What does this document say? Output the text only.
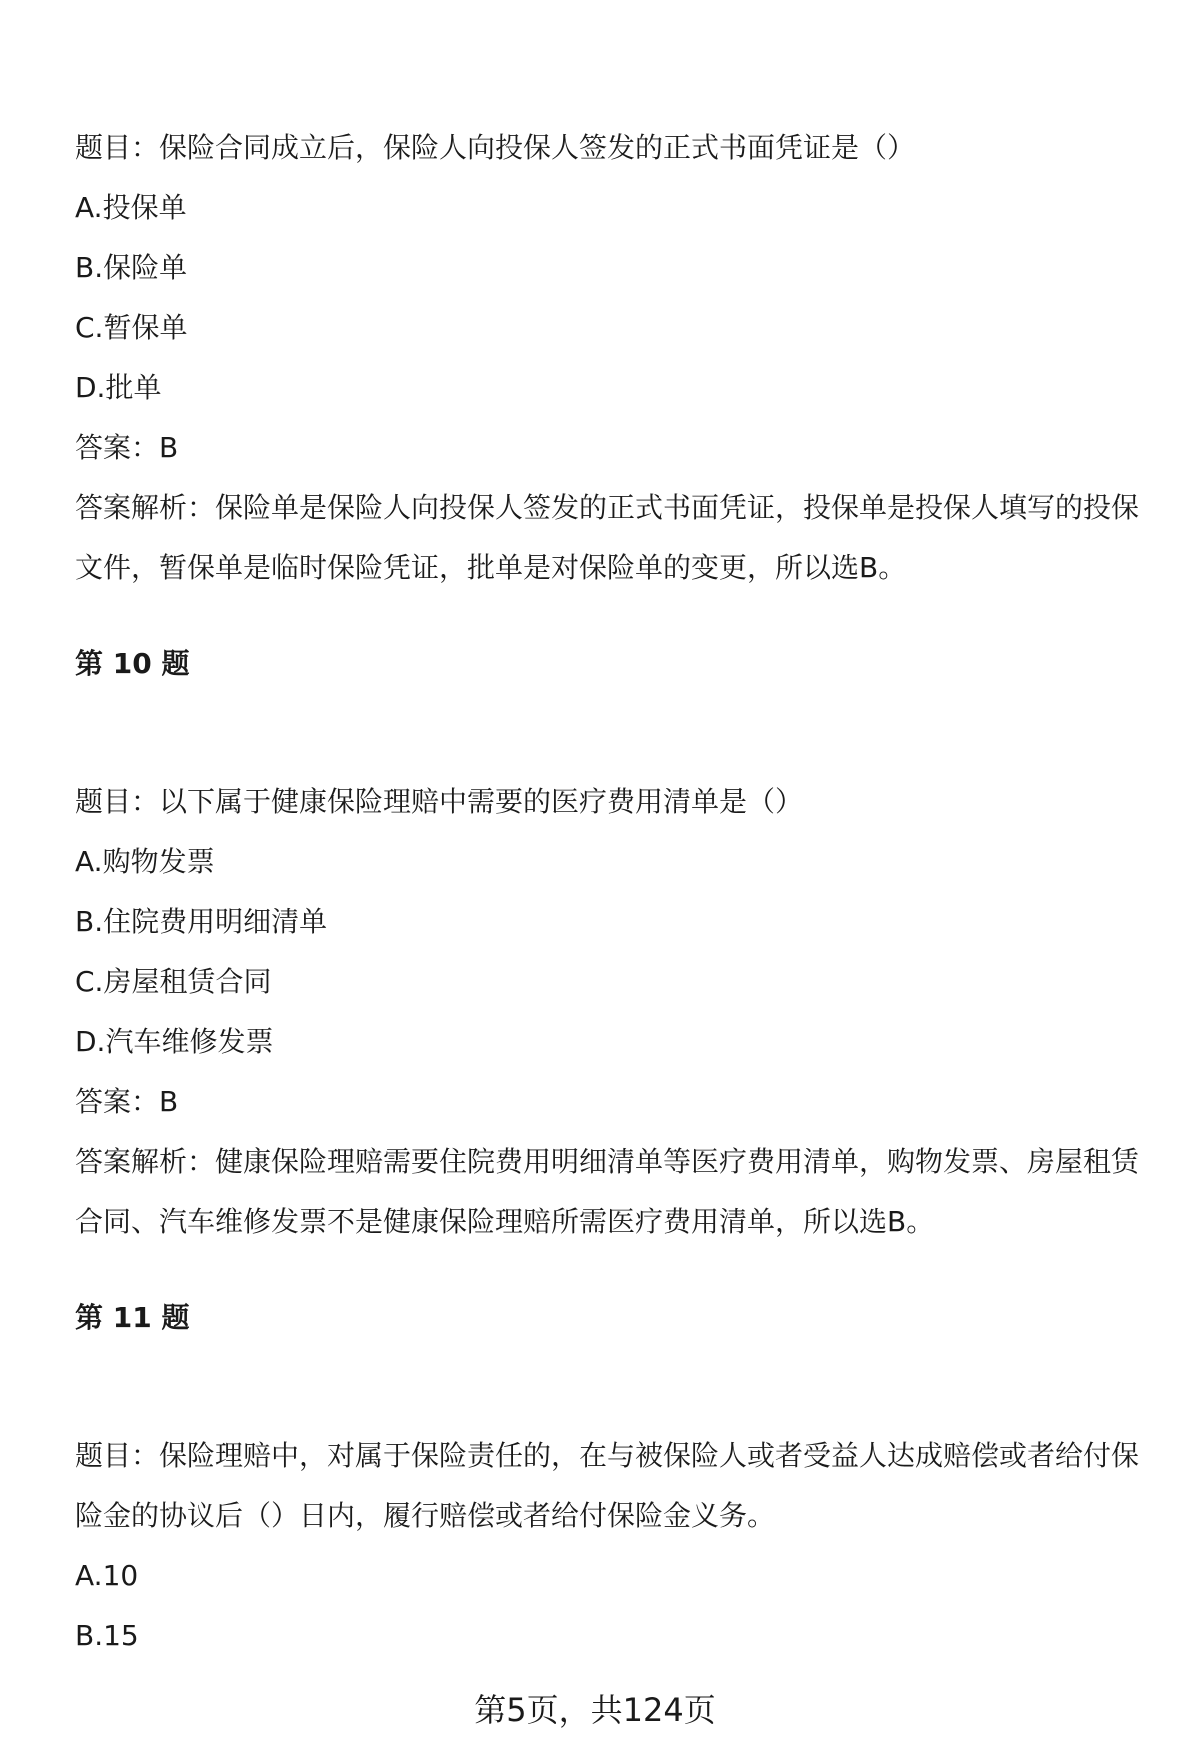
题目：保险合同成立后，保险人向投保人签发的正式书面凭证是（）
A.投保单
B.保险单
C.暂保单
D.批单
答案：B
答案解析：保险单是保险人向投保人签发的正式书面凭证，投保单是投保人填写的投保文件，暂保单是临时保险凭证，批单是对保险单的变更，所以选B。
第 10 题
题目：以下属于健康保险理赔中需要的医疗费用清单是（）
A.购物发票
B.住院费用明细清单
C.房屋租赁合同
D.汽车维修发票
答案：B
答案解析：健康保险理赔需要住院费用明细清单等医疗费用清单，购物发票、房屋租赁合同、汽车维修发票不是健康保险理赔所需医疗费用清单，所以选B。
第 11 题
题目：保险理赔中，对属于保险责任的，在与被保险人或者受益人达成赔偿或者给付保险金的协议后（）日内，履行赔偿或者给付保险金义务。
A.10
B.15
第5页，共124页
